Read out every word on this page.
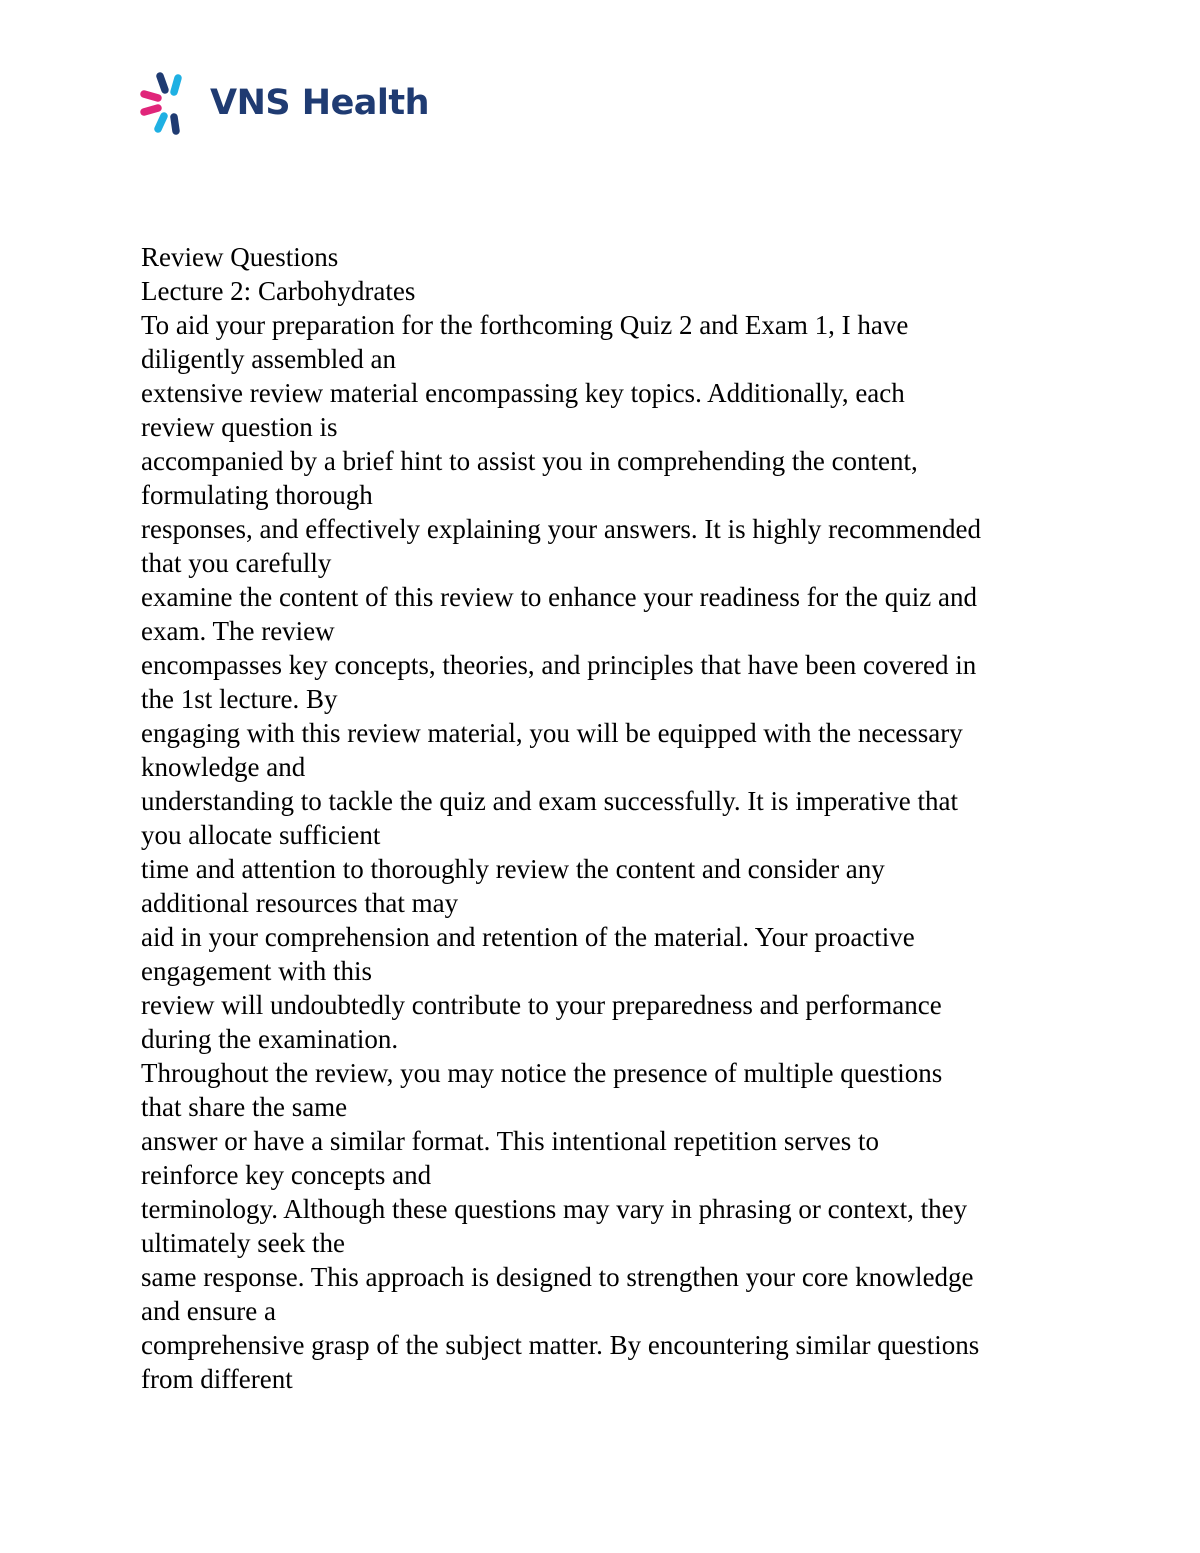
VNS Health
Review Questions
Lecture 2: Carbohydrates
To aid your preparation for the forthcoming Quiz 2 and Exam 1, I have
diligently assembled an
extensive review material encompassing key topics. Additionally, each
review question is
accompanied by a brief hint to assist you in comprehending the content,
formulating thorough
responses, and effectively explaining your answers. It is highly recommended
that you carefully
examine the content of this review to enhance your readiness for the quiz and
exam. The review
encompasses key concepts, theories, and principles that have been covered in
the 1st lecture. By
engaging with this review material, you will be equipped with the necessary
knowledge and
understanding to tackle the quiz and exam successfully. It is imperative that
you allocate sufficient
time and attention to thoroughly review the content and consider any
additional resources that may
aid in your comprehension and retention of the material. Your proactive
engagement with this
review will undoubtedly contribute to your preparedness and performance
during the examination.
Throughout the review, you may notice the presence of multiple questions
that share the same
answer or have a similar format. This intentional repetition serves to
reinforce key concepts and
terminology. Although these questions may vary in phrasing or context, they
ultimately seek the
same response. This approach is designed to strengthen your core knowledge
and ensure a
comprehensive grasp of the subject matter. By encountering similar questions
from different
